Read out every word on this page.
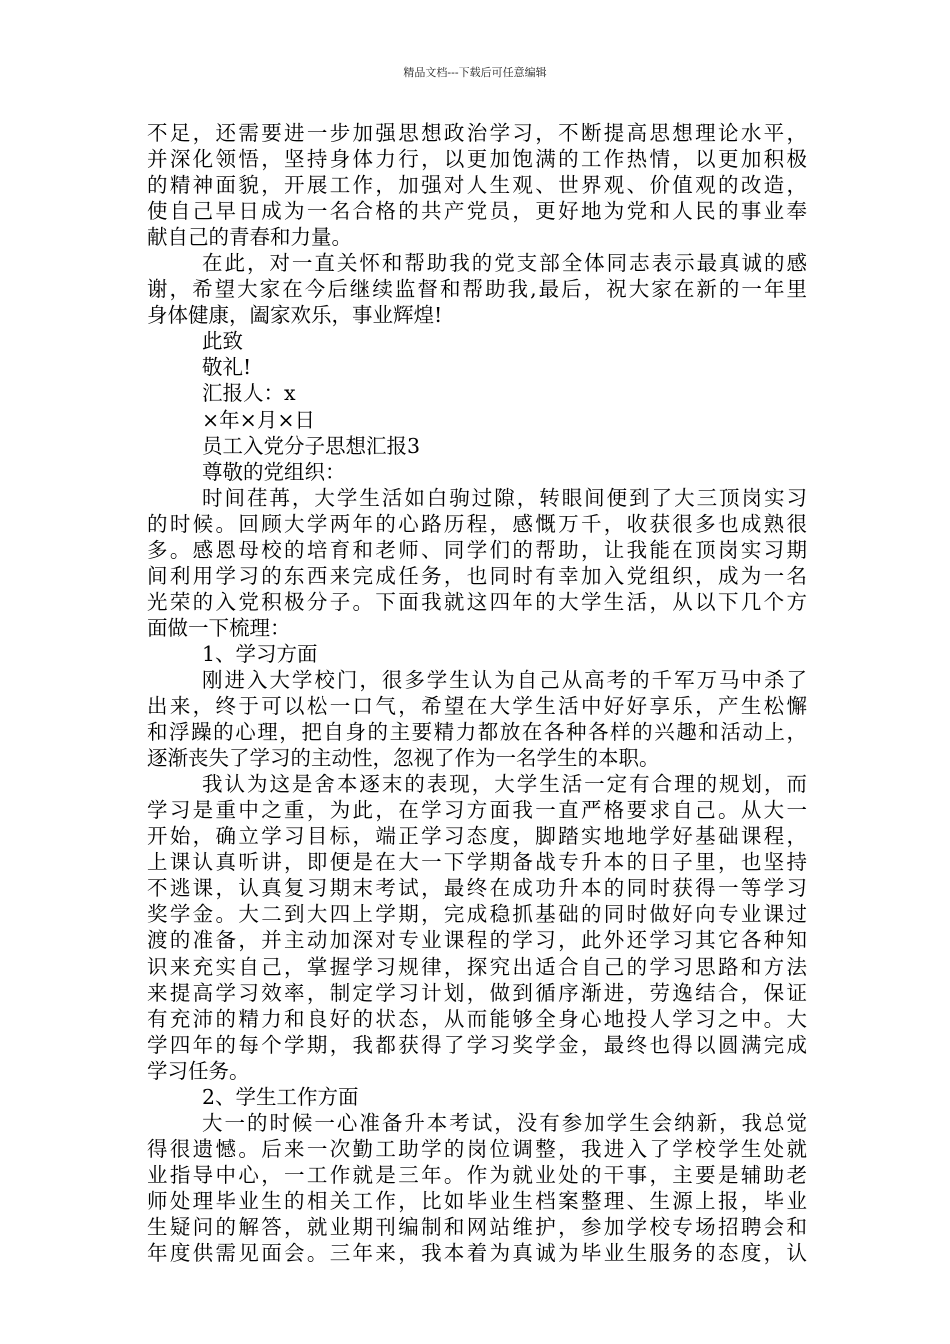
精品文档---下载后可任意编辑
不足，还需要进一步加强思想政治学习，不断提高思想理论水平，
并深化领悟，坚持身体力行，以更加饱满的工作热情，以更加积极
的精神面貌，开展工作，加强对人生观、世界观、价值观的改造，
使自己早日成为一名合格的共产党员，更好地为党和人民的事业奉
献自己的青春和力量。
在此，对一直关怀和帮助我的党支部全体同志表示最真诚的感
谢，希望大家在今后继续监督和帮助我,最后，祝大家在新的一年里
身体健康，阖家欢乐，事业辉煌!
此致
敬礼!
汇报人：x
×年×月×日
员工入党分子思想汇报3
尊敬的党组织：
时间荏苒，大学生活如白驹过隙，转眼间便到了大三顶岗实习
的时候。回顾大学两年的心路历程，感慨万千，收获很多也成熟很
多。感恩母校的培育和老师、同学们的帮助，让我能在顶岗实习期
间利用学习的东西来完成任务，也同时有幸加入党组织，成为一名
光荣的入党积极分子。下面我就这四年的大学生活，从以下几个方
面做一下梳理：
1、学习方面
刚进入大学校门，很多学生认为自己从高考的千军万马中杀了
出来，终于可以松一口气，希望在大学生活中好好享乐，产生松懈
和浮躁的心理，把自身的主要精力都放在各种各样的兴趣和活动上，
逐渐丧失了学习的主动性，忽视了作为一名学生的本职。
我认为这是舍本逐末的表现，大学生活一定有合理的规划，而
学习是重中之重，为此，在学习方面我一直严格要求自己。从大一
开始，确立学习目标，端正学习态度，脚踏实地地学好基础课程，
上课认真听讲，即便是在大一下学期备战专升本的日子里，也坚持
不逃课，认真复习期末考试，最终在成功升本的同时获得一等学习
奖学金。大二到大四上学期，完成稳抓基础的同时做好向专业课过
渡的准备，并主动加深对专业课程的学习，此外还学习其它各种知
识来充实自己，掌握学习规律，探究出适合自己的学习思路和方法
来提高学习效率，制定学习计划，做到循序渐进，劳逸结合，保证
有充沛的精力和良好的状态，从而能够全身心地投人学习之中。大
学四年的每个学期，我都获得了学习奖学金，最终也得以圆满完成
学习任务。
2、学生工作方面
大一的时候一心准备升本考试，没有参加学生会纳新，我总觉
得很遗憾。后来一次勤工助学的岗位调整，我进入了学校学生处就
业指导中心，一工作就是三年。作为就业处的干事，主要是辅助老
师处理毕业生的相关工作，比如毕业生档案整理、生源上报，毕业
生疑问的解答，就业期刊编制和网站维护，参加学校专场招聘会和
年度供需见面会。三年来，我本着为真诚为毕业生服务的态度，认
